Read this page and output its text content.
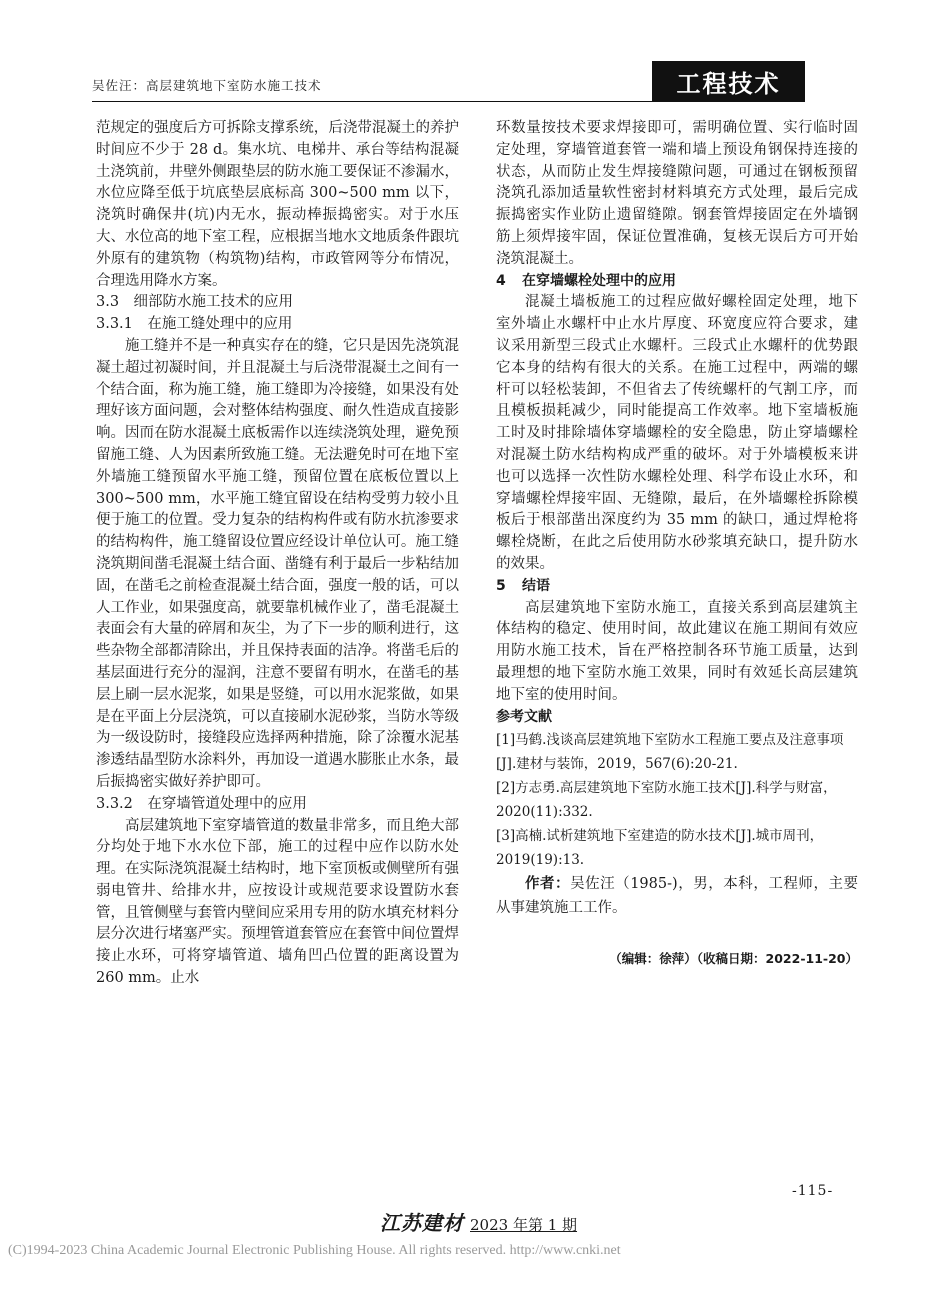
吴佐汪：高层建筑地下室防水施工技术	工程技术

范规定的强度后方可拆除支撑系统，后浇带混凝土的养护时间应不少于 28 d。集水坑、电梯井、承台等结构混凝土浇筑前，井壁外侧跟垫层的防水施工要保证不渗漏水，水位应降至低于坑底垫层底标高 300~500 mm 以下，浇筑时确保井(坑)内无水，振动棒振捣密实。对于水压大、水位高的地下室工程，应根据当地水文地质条件跟坑外原有的建筑物（构筑物)结构，市政管网等分布情况，合理选用降水方案。

3.3　细部防水施工技术的应用

3.3.1　在施工缝处理中的应用

施工缝并不是一种真实存在的缝，它只是因先浇筑混凝土超过初凝时间，并且混凝土与后浇带混凝土之间有一个结合面，称为施工缝，施工缝即为冷接缝，如果没有处理好该方面问题，会对整体结构强度、耐久性造成直接影响。因而在防水混凝土底板需作以连续浇筑处理，避免预留施工缝、人为因素所致施工缝。无法避免时可在地下室外墙施工缝预留水平施工缝，预留位置在底板位置以上 300~500 mm，水平施工缝宜留设在结构受剪力较小且便于施工的位置。受力复杂的结构构件或有防水抗渗要求的结构构件，施工缝留设位置应经设计单位认可。施工缝浇筑期间凿毛混凝土结合面、凿缝有利于最后一步粘结加固，在凿毛之前检查混凝土结合面，强度一般的话，可以人工作业，如果强度高，就要靠机械作业了，凿毛混凝土表面会有大量的碎屑和灰尘，为了下一步的顺利进行，这些杂物全部都清除出，并且保持表面的洁净。将凿毛后的基层面进行充分的湿润，注意不要留有明水，在凿毛的基层上刷一层水泥浆，如果是竖缝，可以用水泥浆做，如果是在平面上分层浇筑，可以直接刷水泥砂浆，当防水等级为一级设防时，接缝段应选择两种措施，除了涂覆水泥基渗透结晶型防水涂料外，再加设一道遇水膨胀止水条，最后振捣密实做好养护即可。

3.3.2　在穿墙管道处理中的应用

高层建筑地下室穿墙管道的数量非常多，而且绝大部分均处于地下水水位下部，施工的过程中应作以防水处理。在实际浇筑混凝土结构时，地下室顶板或侧壁所有强弱电管井、给排水井，应按设计或规范要求设置防水套管，且管侧壁与套管内壁间应采用专用的防水填充材料分层分次进行堵塞严实。预埋管道套管应在套管中间位置焊接止水环，可将穿墙管道、墙角凹凸位置的距离设置为 260 mm。止水

环数量按技术要求焊接即可，需明确位置、实行临时固定处理，穿墙管道套管一端和墙上预设角钢保持连接的状态，从而防止发生焊接缝隙问题，可通过在钢板预留浇筑孔添加适量软性密封材料填充方式处理，最后完成振捣密实作业防止遗留缝隙。钢套管焊接固定在外墙钢筋上须焊接牢固，保证位置准确，复核无误后方可开始浇筑混凝土。

4 在穿墙螺栓处理中的应用

混凝土墙板施工的过程应做好螺栓固定处理，地下室外墙止水螺杆中止水片厚度、环宽度应符合要求，建议采用新型三段式止水螺杆。三段式止水螺杆的优势跟它本身的结构有很大的关系。在施工过程中，两端的螺杆可以轻松装卸，不但省去了传统螺杆的气割工序，而且模板损耗减少，同时能提高工作效率。地下室墙板施工时及时排除墙体穿墙螺栓的安全隐患，防止穿墙螺栓对混凝土防水结构构成严重的破坏。对于外墙模板来讲也可以选择一次性防水螺栓处理、科学布设止水环，和穿墙螺栓焊接牢固、无缝隙，最后，在外墙螺栓拆除模板后于根部凿出深度约为 35 mm 的缺口，通过焊枪将螺栓烧断，在此之后使用防水砂浆填充缺口，提升防水的效果。

5 结语

高层建筑地下室防水施工，直接关系到高层建筑主体结构的稳定、使用时间，故此建议在施工期间有效应用防水施工技术，旨在严格控制各环节施工质量，达到最理想的地下室防水施工效果，同时有效延长高层建筑地下室的使用时间。

参考文献

[1]马鹤.浅谈高层建筑地下室防水工程施工要点及注意事项[J].建材与装饰，2019，567(6):20-21.

[2]方志勇.高层建筑地下室防水施工技术[J].科学与财富，2020(11):332.

[3]高楠.试析建筑地下室建造的防水技术[J].城市周刊，2019(19):13.

作者：吴佐汪（1985-)，男，本科，工程师，主要从事建筑施工工作。

（编辑：徐萍）（收稿日期：2022-11-20）
-115-
江苏建材 2023 年第 1 期
(C)1994-2023 China Academic Journal Electronic Publishing House. All rights reserved. http://www.cnki.net
